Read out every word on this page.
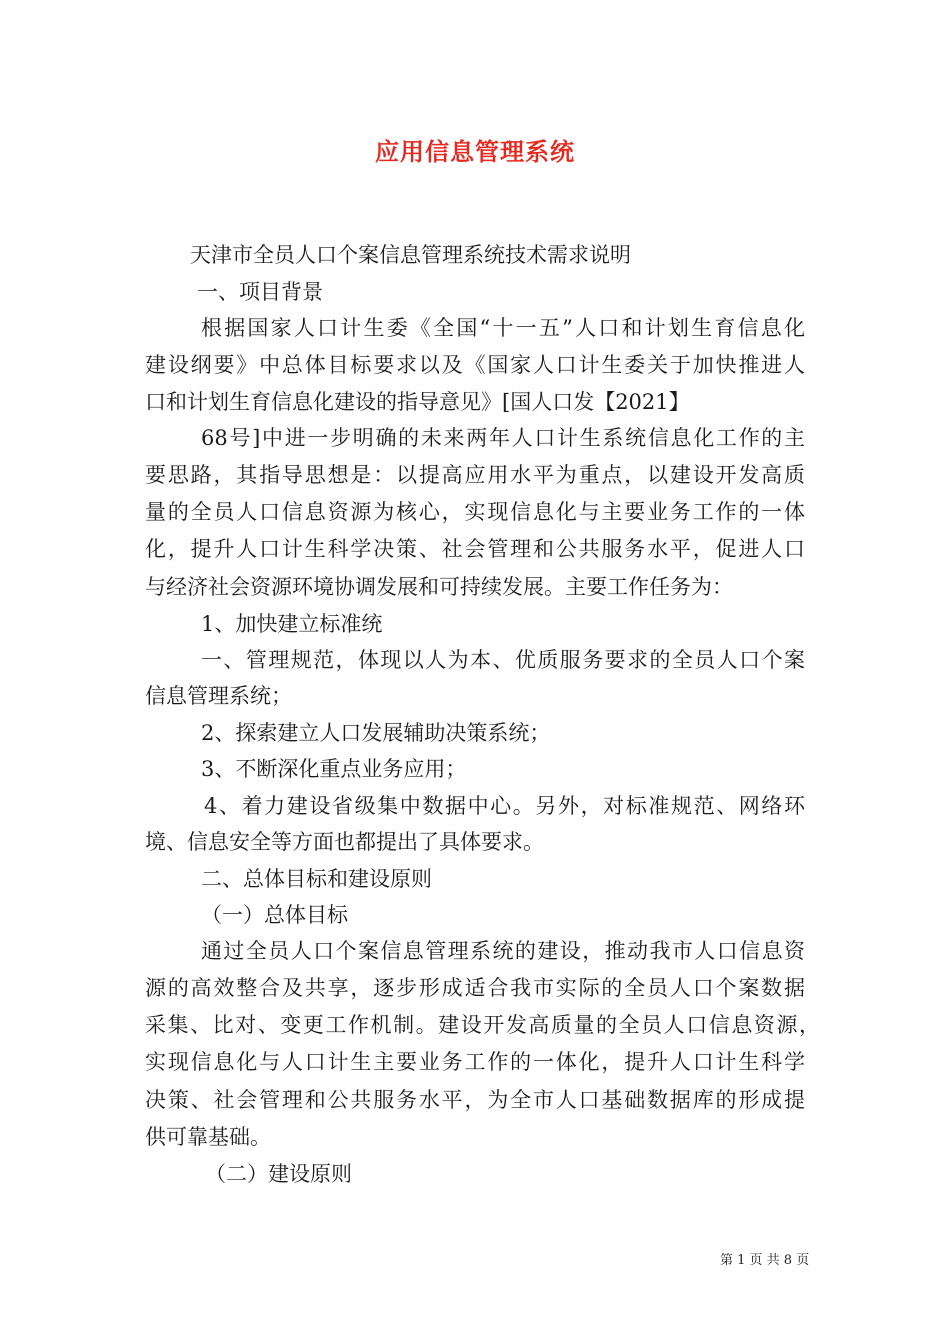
应用信息管理系统
天津市全员人口个案信息管理系统技术需求说明
一、项目背景
根据国家人口计生委《全国“十一五”人口和计划生育信息化
建设纲要》中总体目标要求以及《国家人口计生委关于加快推进人
口和计划生育信息化建设的指导意见》[国人口发【2021】
68号]中进一步明确的未来两年人口计生系统信息化工作的主
要思路，其指导思想是：以提高应用水平为重点，以建设开发高质
量的全员人口信息资源为核心，实现信息化与主要业务工作的一体
化，提升人口计生科学决策、社会管理和公共服务水平，促进人口
与经济社会资源环境协调发展和可持续发展。主要工作任务为：
1、加快建立标准统
一、管理规范，体现以人为本、优质服务要求的全员人口个案
信息管理系统；
2、探索建立人口发展辅助决策系统；
3、不断深化重点业务应用；
4、着力建设省级集中数据中心。另外，对标准规范、网络环
境、信息安全等方面也都提出了具体要求。
二、总体目标和建设原则
（一）总体目标
通过全员人口个案信息管理系统的建设，推动我市人口信息资
源的高效整合及共享，逐步形成适合我市实际的全员人口个案数据
采集、比对、变更工作机制。建设开发高质量的全员人口信息资源，
实现信息化与人口计生主要业务工作的一体化，提升人口计生科学
决策、社会管理和公共服务水平，为全市人口基础数据库的形成提
供可靠基础。
（二）建设原则
第 1 页 共 8 页
